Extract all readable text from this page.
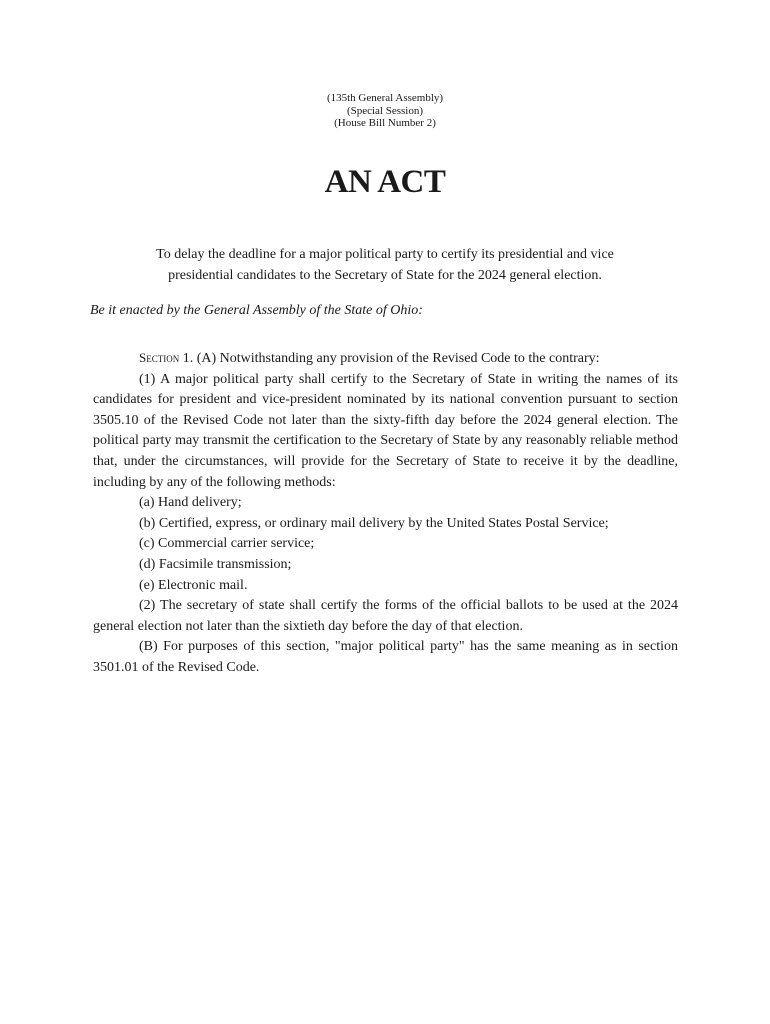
(135th General Assembly)
(Special Session)
(House Bill Number 2)
AN ACT
To delay the deadline for a major political party to certify its presidential and vice presidential candidates to the Secretary of State for the 2024 general election.
Be it enacted by the General Assembly of the State of Ohio:

Section 1. (A) Notwithstanding any provision of the Revised Code to the contrary:

(1) A major political party shall certify to the Secretary of State in writing the names of its candidates for president and vice-president nominated by its national convention pursuant to section 3505.10 of the Revised Code not later than the sixty-fifth day before the 2024 general election. The political party may transmit the certification to the Secretary of State by any reasonably reliable method that, under the circumstances, will provide for the Secretary of State to receive it by the deadline, including by any of the following methods:

(a) Hand delivery;

(b) Certified, express, or ordinary mail delivery by the United States Postal Service;

(c) Commercial carrier service;

(d) Facsimile transmission;

(e) Electronic mail.

(2) The secretary of state shall certify the forms of the official ballots to be used at the 2024 general election not later than the sixtieth day before the day of that election.

(B) For purposes of this section, "major political party" has the same meaning as in section 3501.01 of the Revised Code.
